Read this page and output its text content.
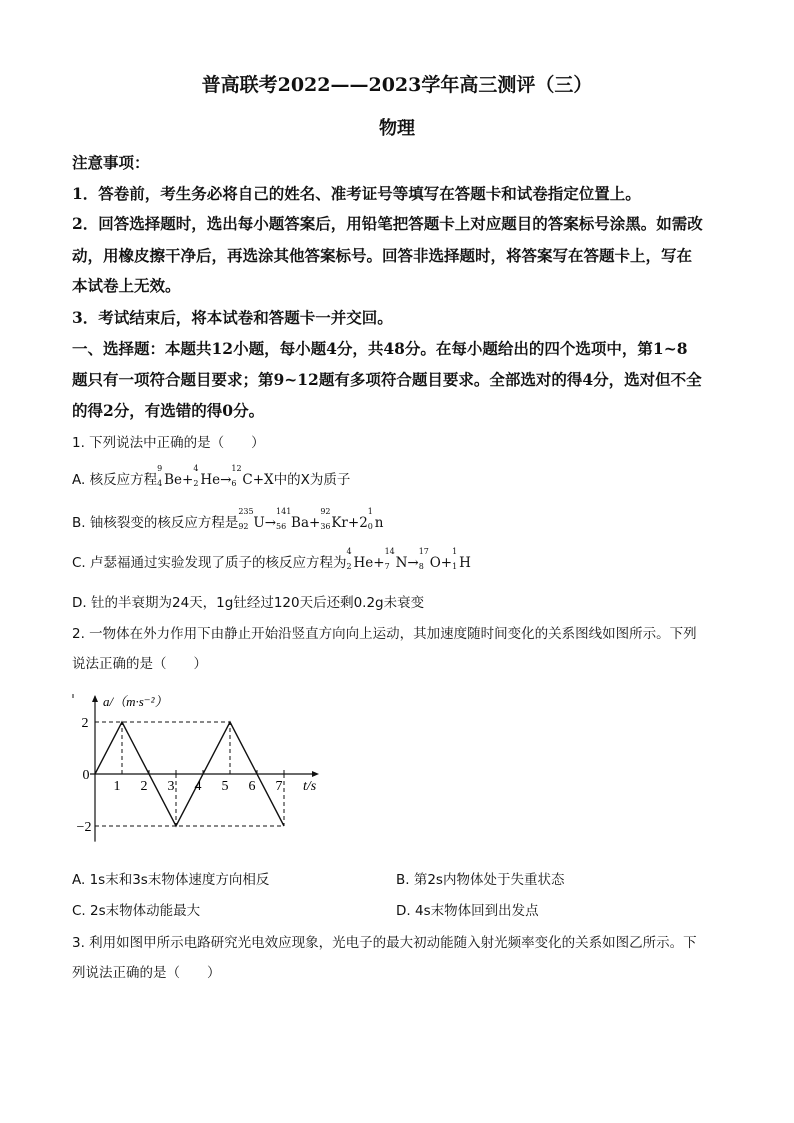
普高联考2022——2023学年高三测评（三）
物理
注意事项：
1．答卷前，考生务必将自己的姓名、准考证号等填写在答题卡和试卷指定位置上。
2．回答选择题时，选出每小题答案后，用铅笔把答题卡上对应题目的答案标号涂黑。如需改
动，用橡皮擦干净后，再选涂其他答案标号。回答非选择题时，将答案写在答题卡上，写在
本试卷上无效。
3．考试结束后，将本试卷和答题卡一并交回。
一、选择题：本题共12小题，每小题4分，共48分。在每小题给出的四个选项中，第1~8
题只有一项符合题目要求；第9~12题有多项符合题目要求。全部选对的得4分，选对但不全
的得2分，有选错的得0分。
1. 下列说法中正确的是（　　）
A. 核反应方程
9
4 Be+
4
2 He→
12
6 C+X中的X为质子
B. 铀核裂变的核反应方程是
235
92 U→
141
56 Ba+
92
36 Kr+2
1
0 n
C. 卢瑟福通过实验发现了质子的核反应方程为
4
2 He+
14
7 N→
17
8 O+
1
1 H
D. 钍的半衰期为24天，1g钍经过120天后还剩0.2g未衰变
2. 一物体在外力作用下由静止开始沿竖直方向向上运动，其加速度随时间变化的关系图线如图所示。下列
说法正确的是（　　）
1 2 3 4 5 6 7
0
2
−2
a/（m·s⁻²）
t/s
A. 1s末和3s末物体速度方向相反	B. 第2s内物体处于失重状态
C. 2s末物体动能最大	D. 4s末物体回到出发点
3. 利用如图甲所示电路研究光电效应现象，光电子的最大初动能随入射光频率变化的关系如图乙所示。下
列说法正确的是（　　）
